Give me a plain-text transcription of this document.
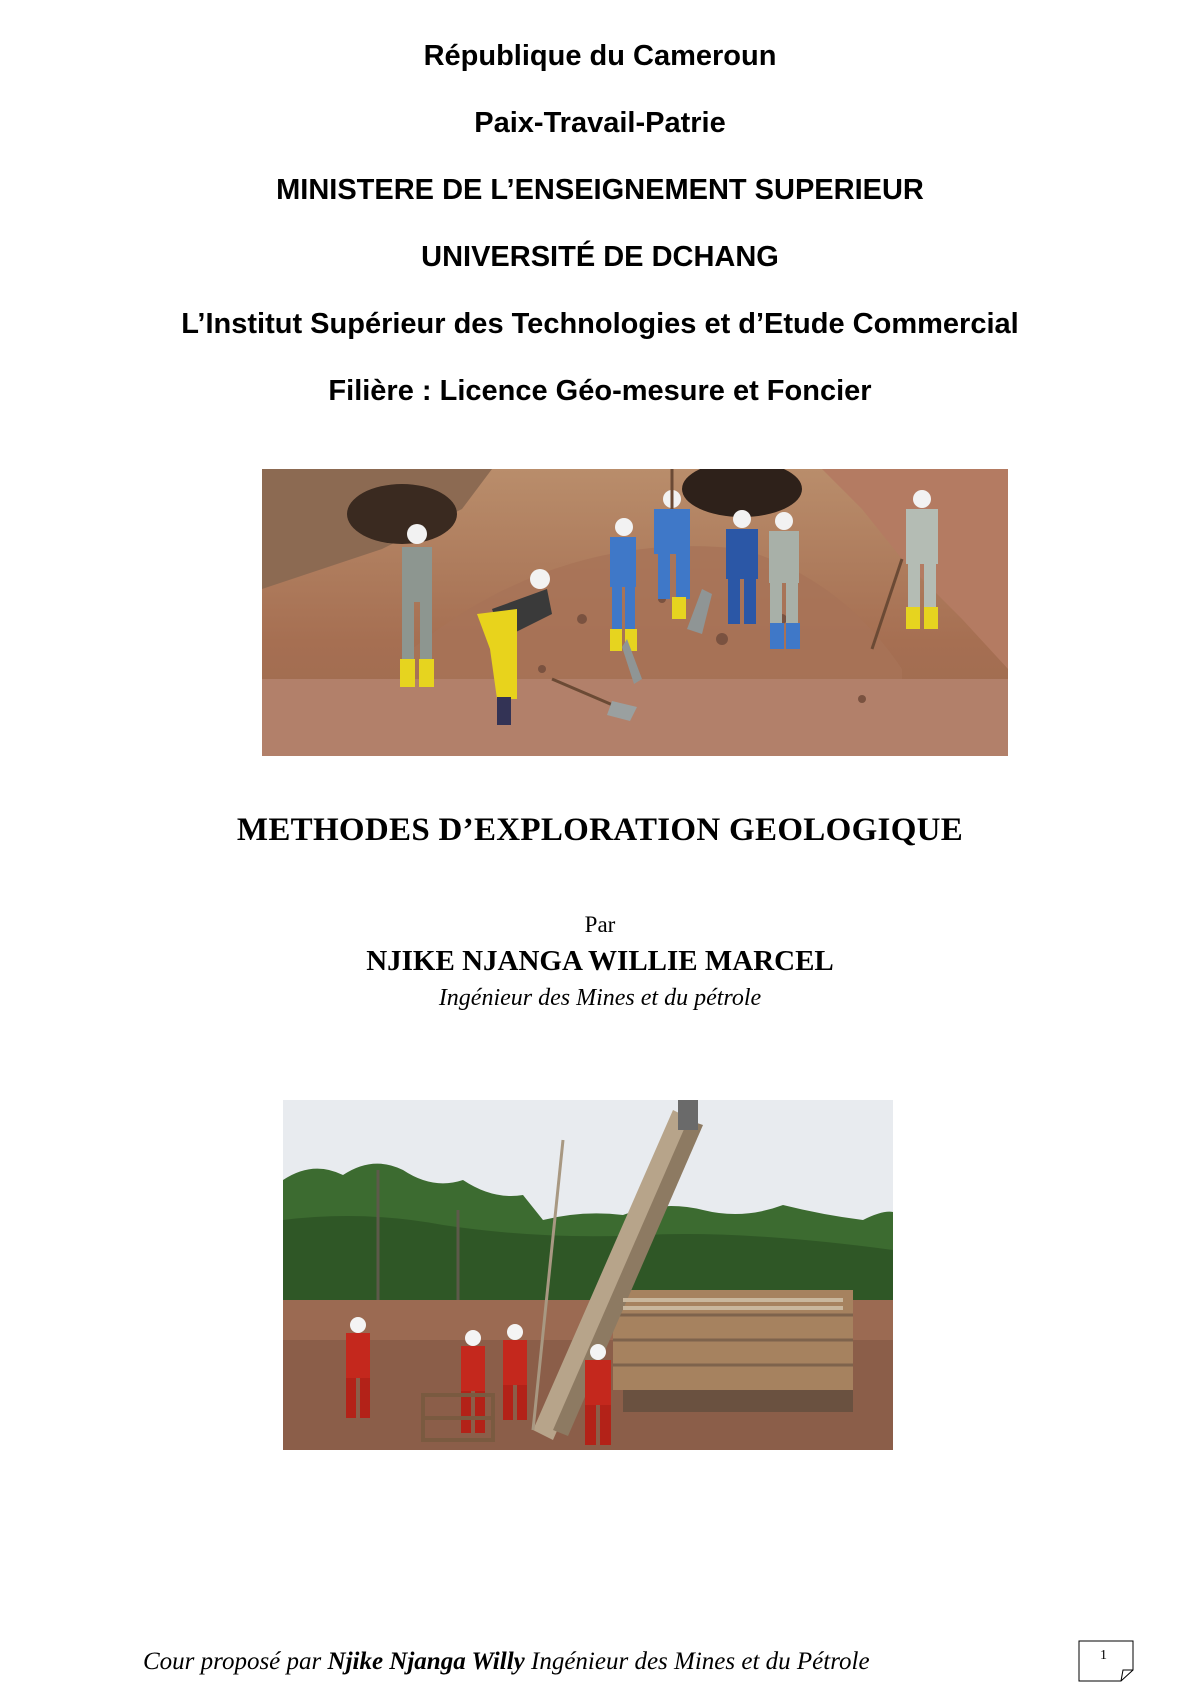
République du Cameroun

Paix-Travail-Patrie

MINISTERE DE L’ENSEIGNEMENT SUPERIEUR

UNIVERSITÉ DE DCHANG

L’Institut Supérieur des Technologies et d’Etude Commercial

Filière : Licence Géo-mesure et Foncier

METHODES D’EXPLORATION GEOLOGIQUE
Par
NJIKE NJANGA WILLIE MARCEL
Ingénieur des Mines et du pétrole
Cour proposé par Njike Njanga Willy Ingénieur des Mines et du Pétrole	1
